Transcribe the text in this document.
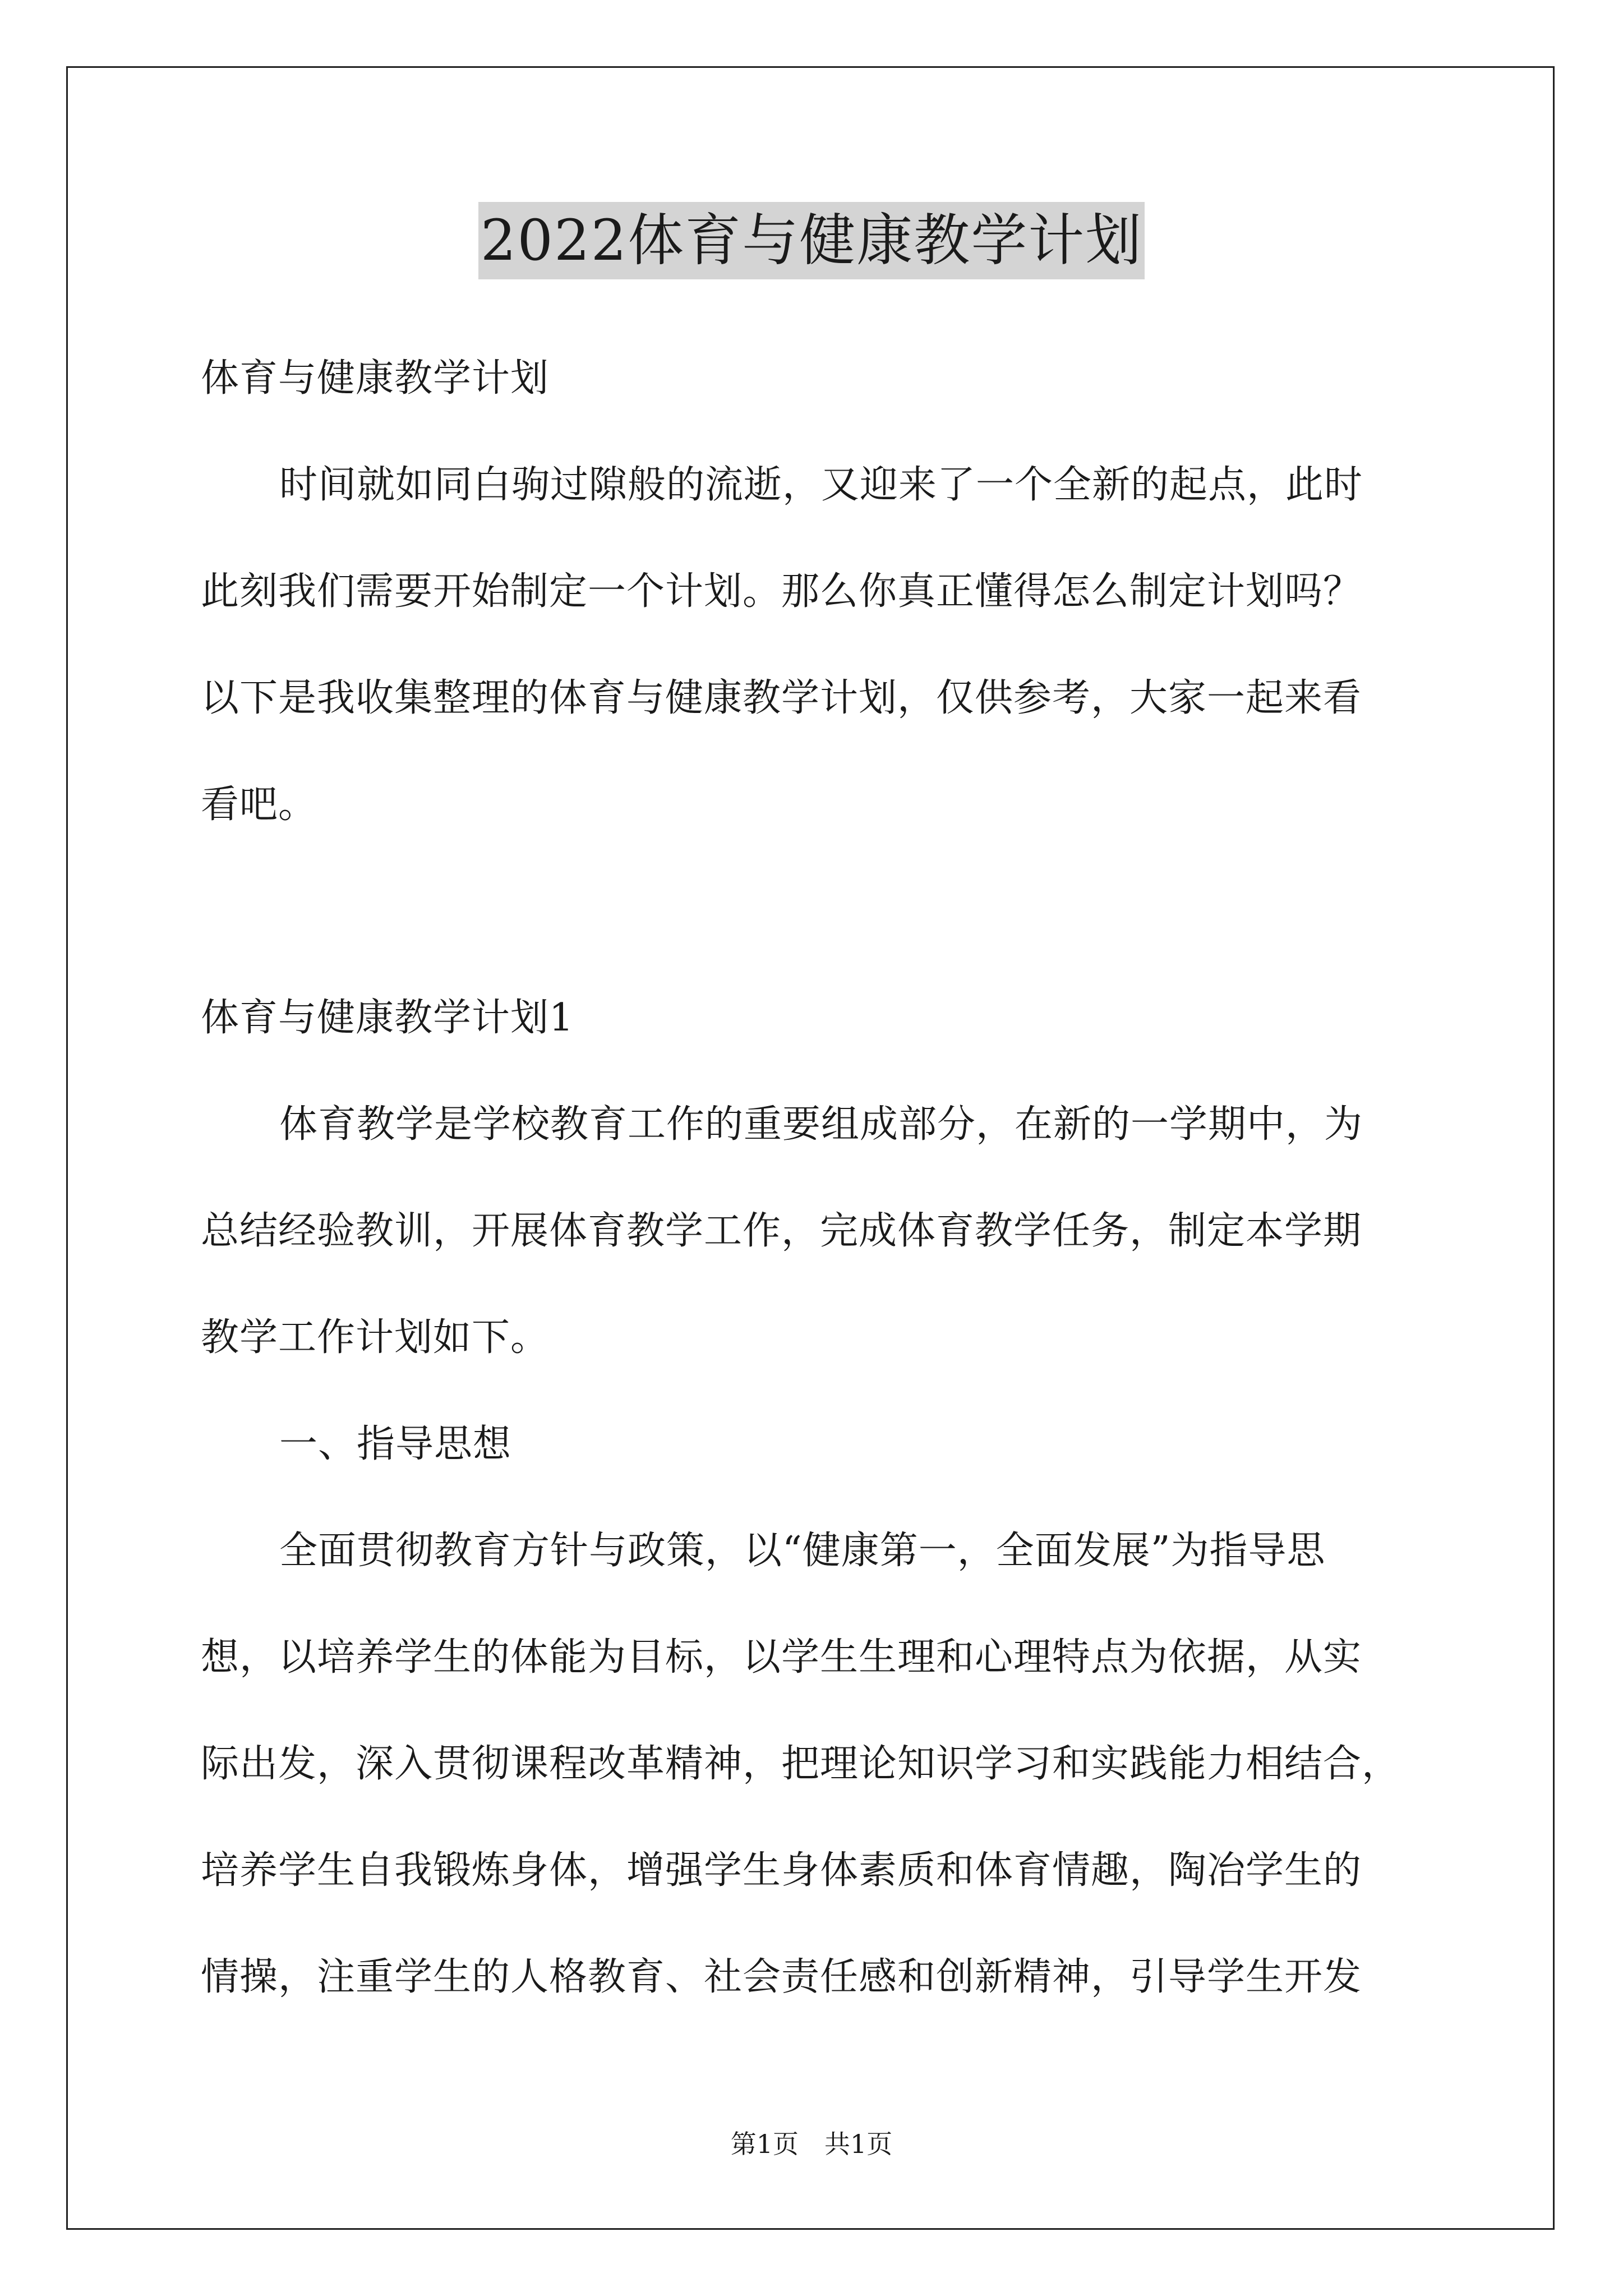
2022体育与健康教学计划
体育与健康教学计划
时间就如同白驹过隙般的流逝，又迎来了一个全新的起点，此时
此刻我们需要开始制定一个计划。那么你真正懂得怎么制定计划吗？
以下是我收集整理的体育与健康教学计划，仅供参考，大家一起来看
看吧。
体育与健康教学计划1
体育教学是学校教育工作的重要组成部分，在新的一学期中，为
总结经验教训，开展体育教学工作，完成体育教学任务，制定本学期
教学工作计划如下。
一、指导思想
全面贯彻教育方针与政策，以“健康第一，全面发展”为指导思
想，以培养学生的体能为目标，以学生生理和心理特点为依据，从实
际出发，深入贯彻课程改革精神，把理论知识学习和实践能力相结合，
培养学生自我锻炼身体，增强学生身体素质和体育情趣，陶冶学生的
情操，注重学生的人格教育、社会责任感和创新精神，引导学生开发
第1页 共1页
